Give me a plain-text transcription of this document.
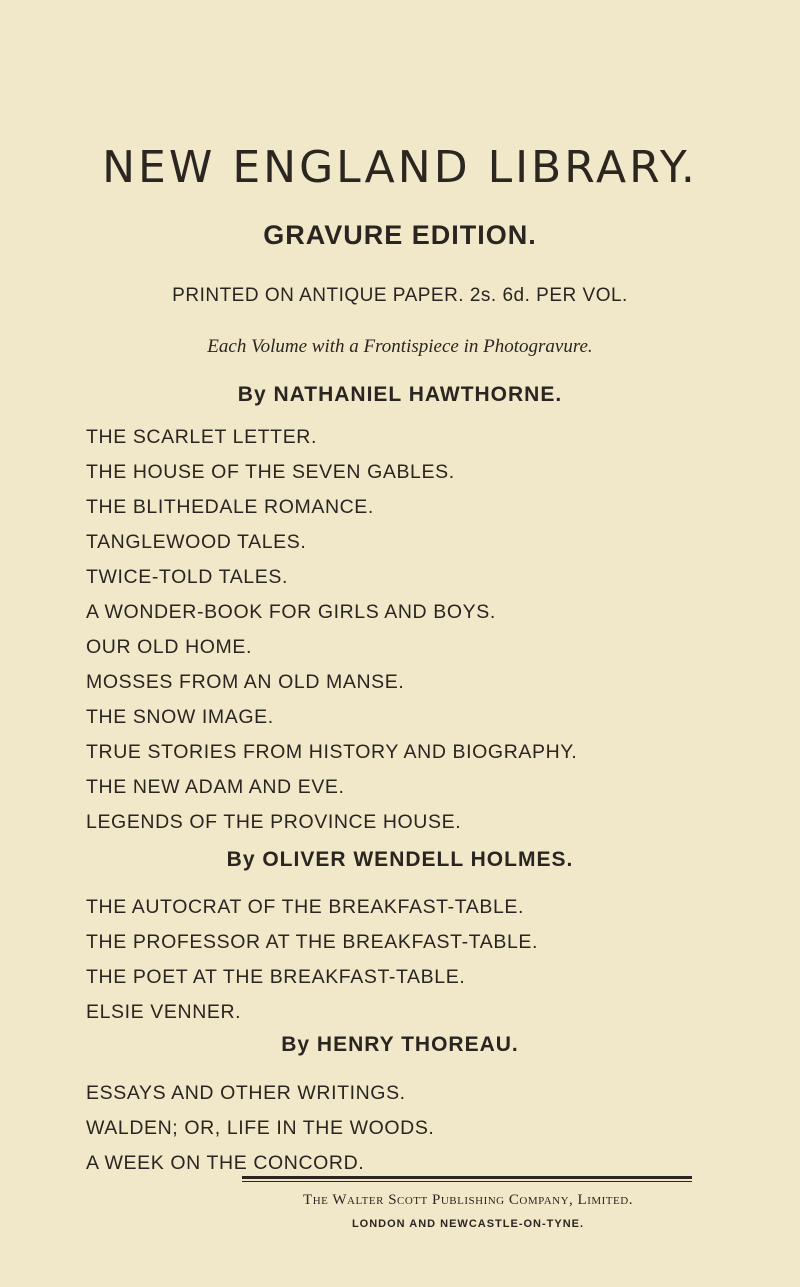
NEW ENGLAND LIBRARY.
GRAVURE EDITION.
PRINTED ON ANTIQUE PAPER. 2s. 6d. PER VOL.
Each Volume with a Frontispiece in Photogravure.
By NATHANIEL HAWTHORNE.
THE SCARLET LETTER.
THE HOUSE OF THE SEVEN GABLES.
THE BLITHEDALE ROMANCE.
TANGLEWOOD TALES.
TWICE-TOLD TALES.
A WONDER-BOOK FOR GIRLS AND BOYS.
OUR OLD HOME.
MOSSES FROM AN OLD MANSE.
THE SNOW IMAGE.
TRUE STORIES FROM HISTORY AND BIOGRAPHY.
THE NEW ADAM AND EVE.
LEGENDS OF THE PROVINCE HOUSE.
By OLIVER WENDELL HOLMES.
THE AUTOCRAT OF THE BREAKFAST-TABLE.
THE PROFESSOR AT THE BREAKFAST-TABLE.
THE POET AT THE BREAKFAST-TABLE.
ELSIE VENNER.
By HENRY THOREAU.
ESSAYS AND OTHER WRITINGS.
WALDEN; OR, LIFE IN THE WOODS.
A WEEK ON THE CONCORD.
The Walter Scott Publishing Company, Limited.
LONDON AND NEWCASTLE-ON-TYNE.
